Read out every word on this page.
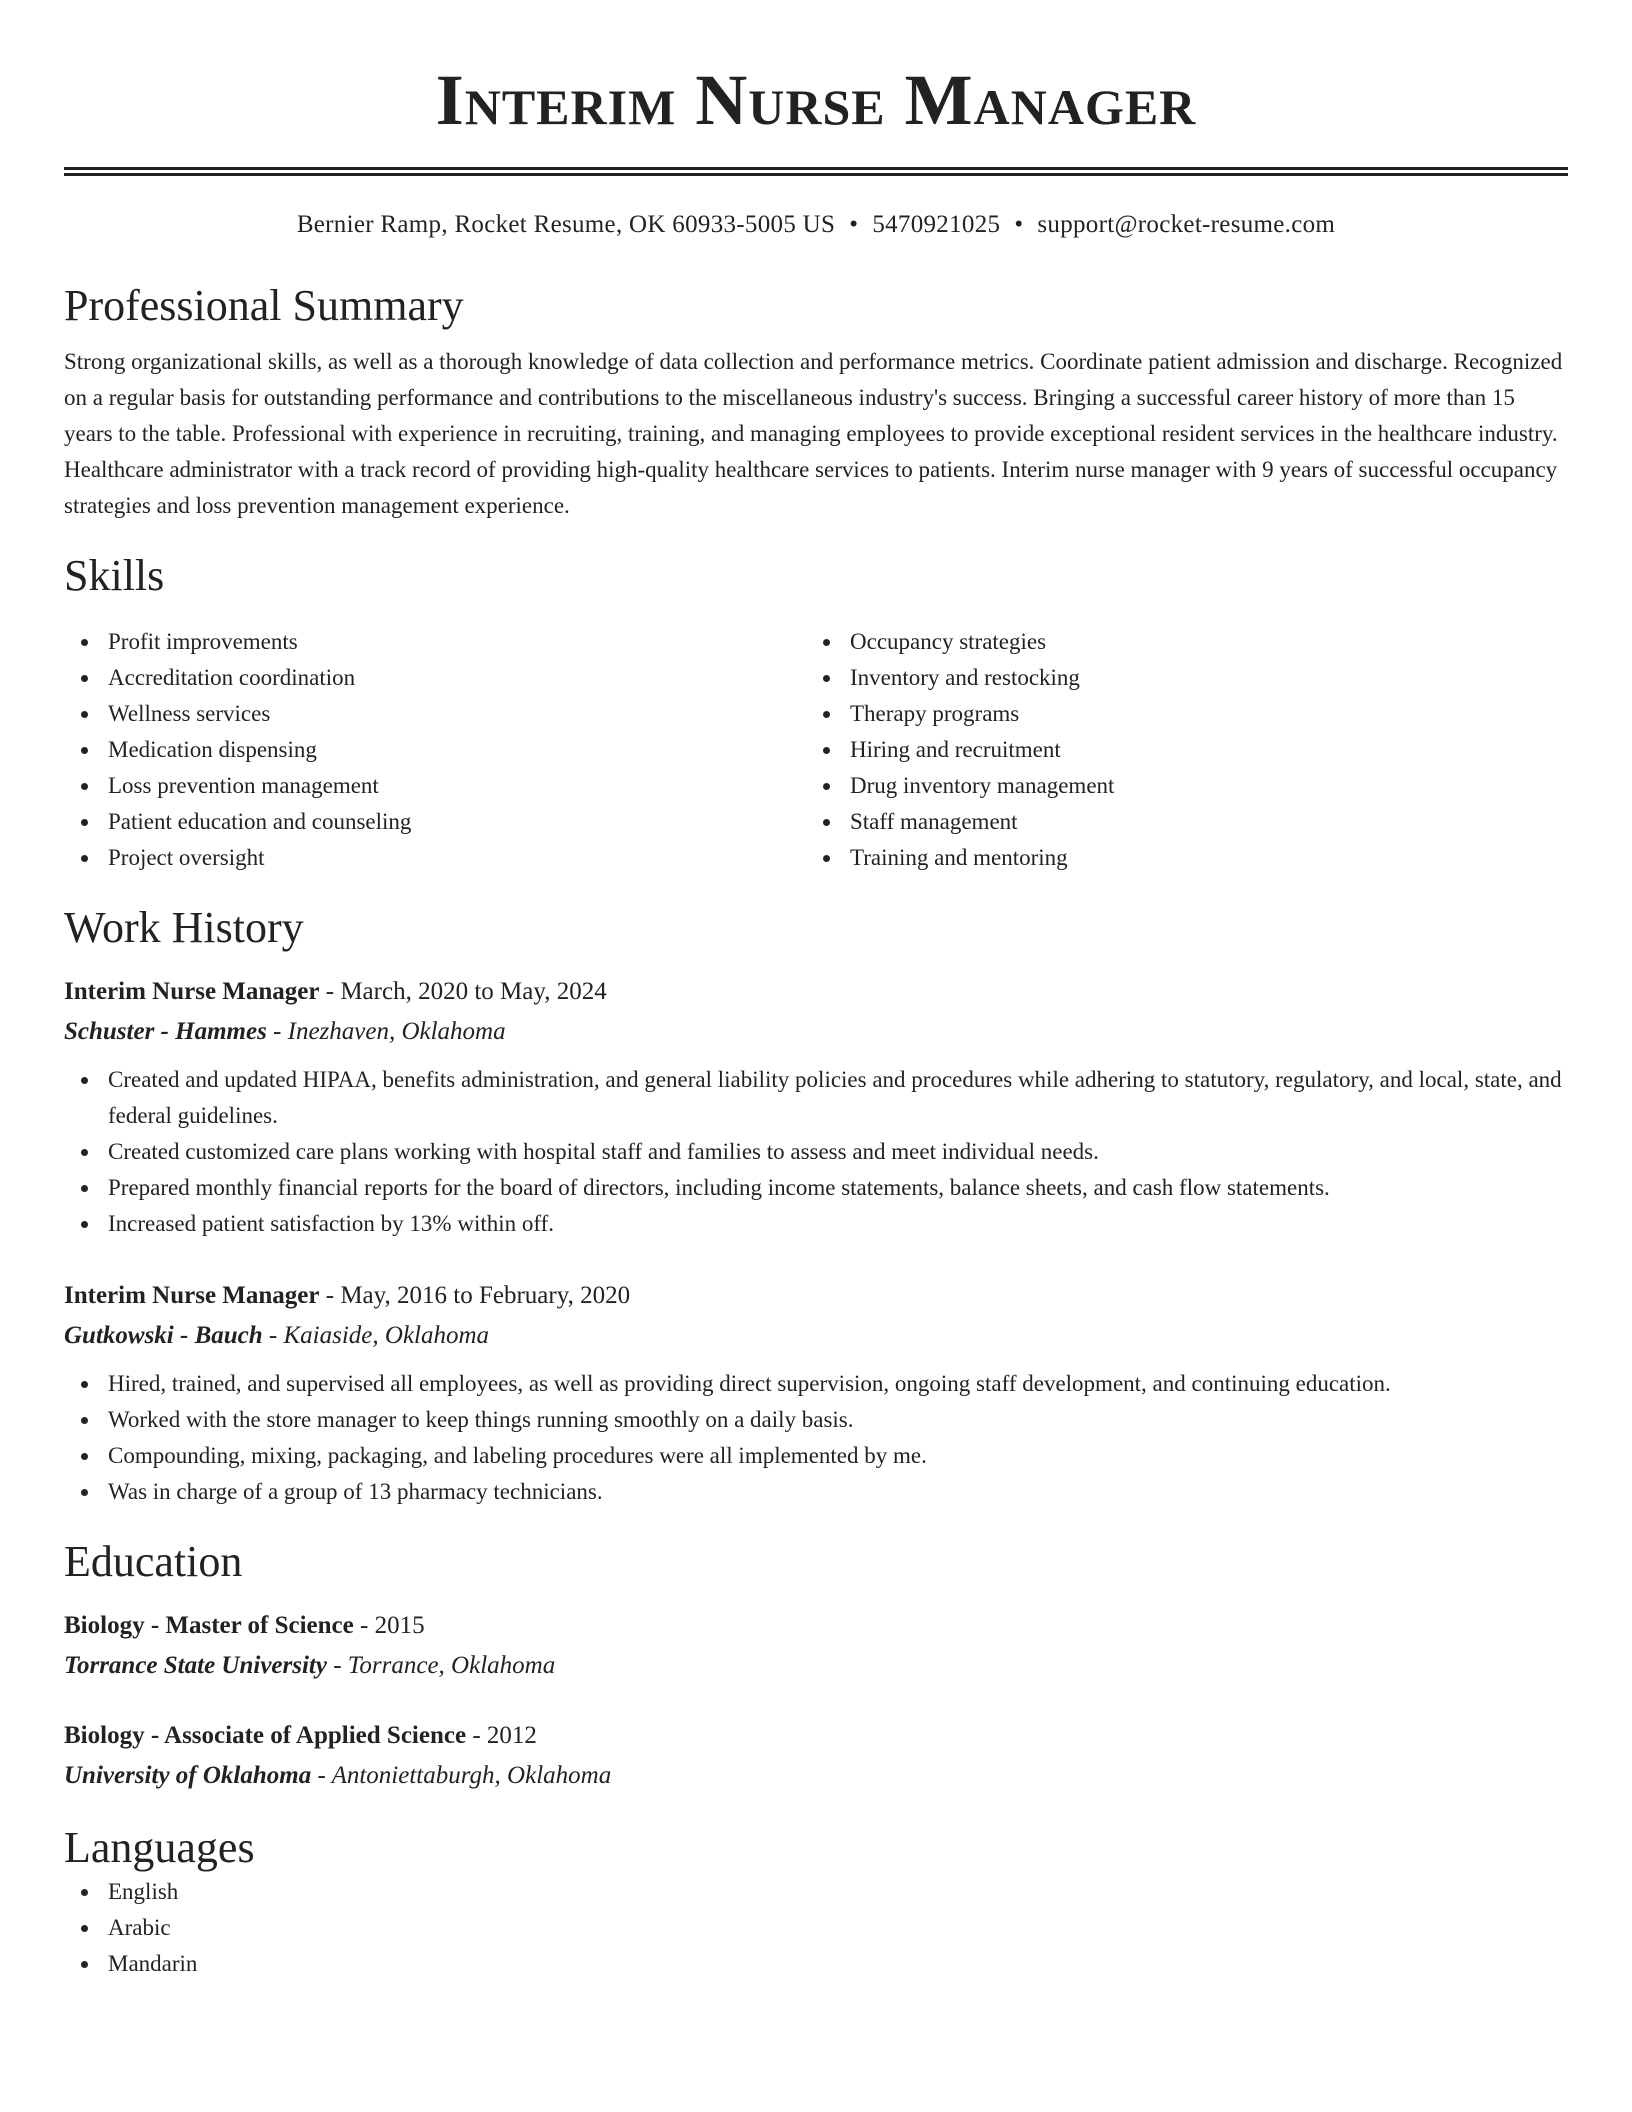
Interim Nurse Manager
Bernier Ramp, Rocket Resume, OK 60933-5005 US • 5470921025 • support@rocket-resume.com
Professional Summary

Strong organizational skills, as well as a thorough knowledge of data collection and performance metrics. Coordinate patient admission and discharge. Recognized on a regular basis for outstanding performance and contributions to the miscellaneous industry's success. Bringing a successful career history of more than 15 years to the table. Professional with experience in recruiting, training, and managing employees to provide exceptional resident services in the healthcare industry. Healthcare administrator with a track record of providing high-quality healthcare services to patients. Interim nurse manager with 9 years of successful occupancy strategies and loss prevention management experience.

Skills
Profit improvements
Accreditation coordination
Wellness services
Medication dispensing
Loss prevention management
Patient education and counseling
Project oversight
Occupancy strategies
Inventory and restocking
Therapy programs
Hiring and recruitment
Drug inventory management
Staff management
Training and mentoring
Work History
Interim Nurse Manager - March, 2020 to May, 2024
Schuster - Hammes - Inezhaven, Oklahoma
Created and updated HIPAA, benefits administration, and general liability policies and procedures while adhering to statutory, regulatory, and local, state, and federal guidelines.
Created customized care plans working with hospital staff and families to assess and meet individual needs.
Prepared monthly financial reports for the board of directors, including income statements, balance sheets, and cash flow statements.
Increased patient satisfaction by 13% within off.
Interim Nurse Manager - May, 2016 to February, 2020
Gutkowski - Bauch - Kaiaside, Oklahoma
Hired, trained, and supervised all employees, as well as providing direct supervision, ongoing staff development, and continuing education.
Worked with the store manager to keep things running smoothly on a daily basis.
Compounding, mixing, packaging, and labeling procedures were all implemented by me.
Was in charge of a group of 13 pharmacy technicians.
Education
Biology - Master of Science - 2015
Torrance State University - Torrance, Oklahoma
Biology - Associate of Applied Science - 2012
University of Oklahoma - Antoniettaburgh, Oklahoma
Languages
English
Arabic
Mandarin
